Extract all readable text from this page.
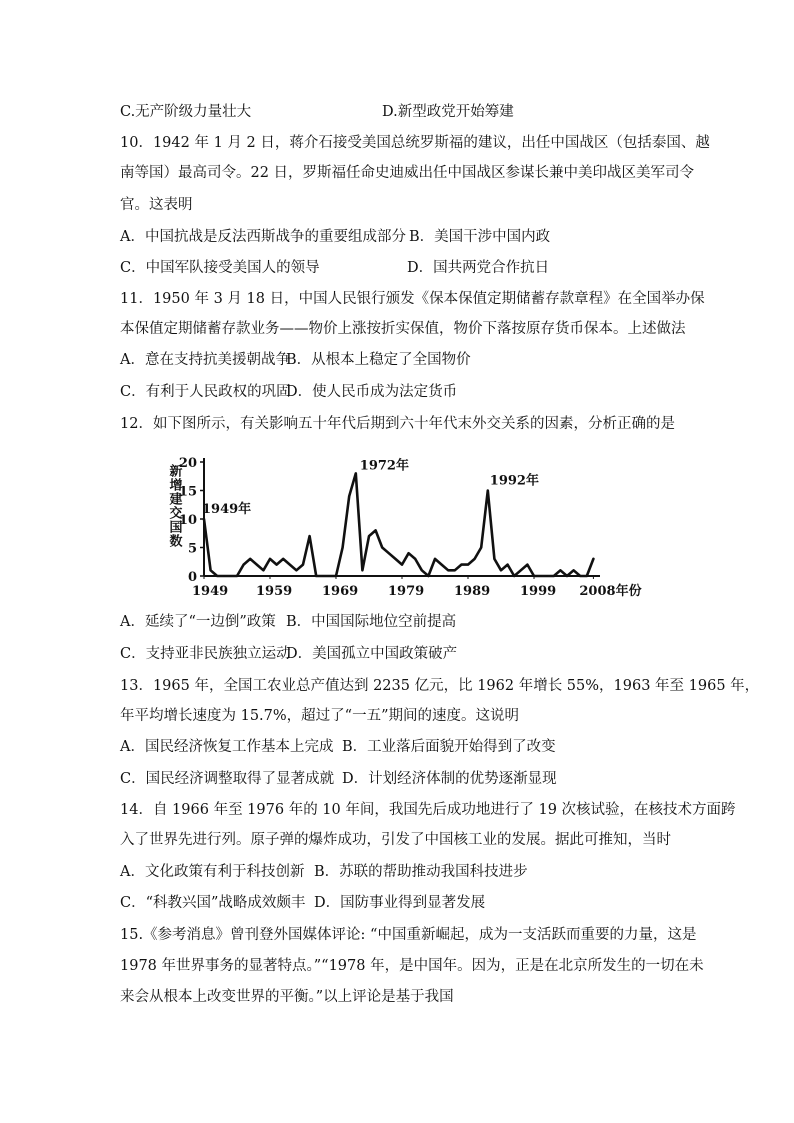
C.无产阶级力量壮大	D.新型政党开始筹建
10．1942 年 1 月 2 日，蒋介石接受美国总统罗斯福的建议，出任中国战区（包括泰国、越
南等国）最高司令。22 日，罗斯福任命史迪威出任中国战区参谋长兼中美印战区美军司令
官。这表明
A．中国抗战是反法西斯战争的重要组成部分 B．美国干涉中国内政
C．中国军队接受美国人的领导	D．国共两党合作抗日
11．1950 年 3 月 18 日，中国人民银行颁发《保本保值定期储蓄存款章程》在全国举办保
本保值定期储蓄存款业务——物价上涨按折实保值，物价下落按原存货币保本。上述做法
A．意在支持抗美援朝战争
B．从根本上稳定了全国物价
C．有利于人民政权的巩固
D．使人民币成为法定货币
12．如下图所示，有关影响五十年代后期到六十年代末外交关系的因素，分析正确的是
0
5
10
15
20
1949 1959 1969 1979 1989 1999 2008年份
新增建交国数 1949年
1972年
1992年
A．延续了“一边倒”政策 B．中国国际地位空前提高
C．支持亚非民族独立运动
D．美国孤立中国政策破产
13．1965 年，全国工农业总产值达到 2235 亿元，比 1962 年增长 55%，1963 年至 1965 年，
年平均增长速度为 15.7%，超过了“一五”期间的速度。这说明
A．国民经济恢复工作基本上完成 B．工业落后面貌开始得到了改变
C．国民经济调整取得了显著成就 D．计划经济体制的优势逐渐显现
14．自 1966 年至 1976 年的 10 年间，我国先后成功地进行了 19 次核试验，在核技术方面跨
入了世界先进行列。原子弹的爆炸成功，引发了中国核工业的发展。据此可推知，当时
A．文化政策有利于科技创新 B．苏联的帮助推动我国科技进步
C．“科教兴国”战略成效颇丰 D．国防事业得到显著发展
15.《参考消息》曾刊登外国媒体评论: “中国重新崛起，成为一支活跃而重要的力量，这是
1978 年世界事务的显著特点。”“1978 年，是中国年。因为，正是在北京所发生的一切在未
来会从根本上改变世界的平衡。”以上评论是基于我国
